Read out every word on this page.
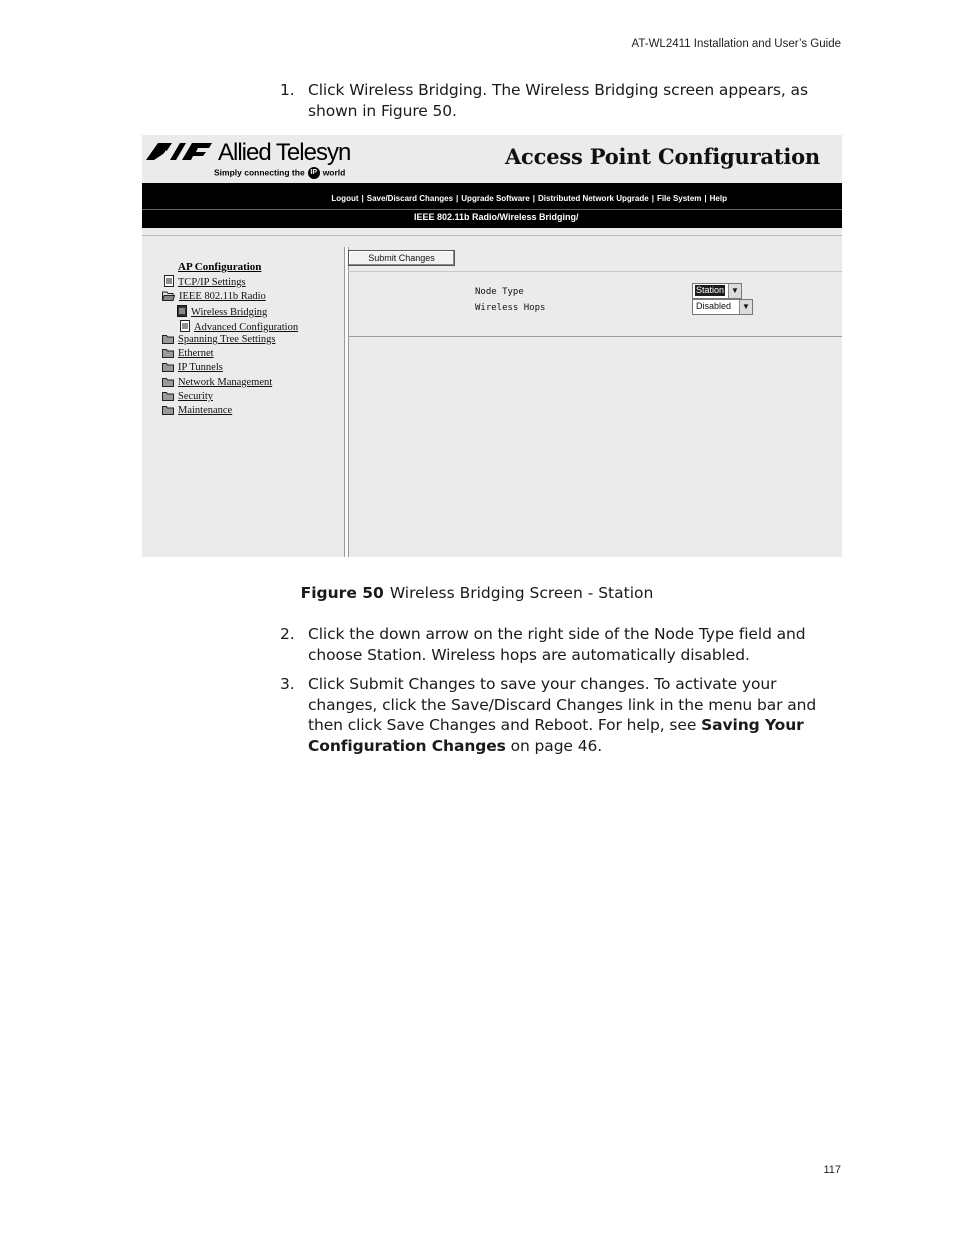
AT-WL2411 Installation and User’s Guide
1. Click Wireless Bridging. The Wireless Bridging screen appears, as shown in Figure 50.
Allied Telesyn
Simply connecting the IP world
Access Point Configuration
Logout | Save/Discard Changes | Upgrade Software | Distributed Network Upgrade | File System | Help
IEEE 802.11b Radio/Wireless Bridging/
AP Configuration
TCP/IP Settings
IEEE 802.11b Radio
Wireless Bridging
Advanced Configuration
Spanning Tree Settings
Ethernet
IP Tunnels
Network Management
Security
Maintenance
Submit Changes
Node Type	Station ▼
Wireless Hops	Disabled	▼
Figure 50 Wireless Bridging Screen - Station
2. Click the down arrow on the right side of the Node Type field and choose Station. Wireless hops are automatically disabled.
3. Click Submit Changes to save your changes. To activate your changes, click the Save/Discard Changes link in the menu bar and then click Save Changes and Reboot. For help, see Saving Your Configuration Changes on page 46.
117
